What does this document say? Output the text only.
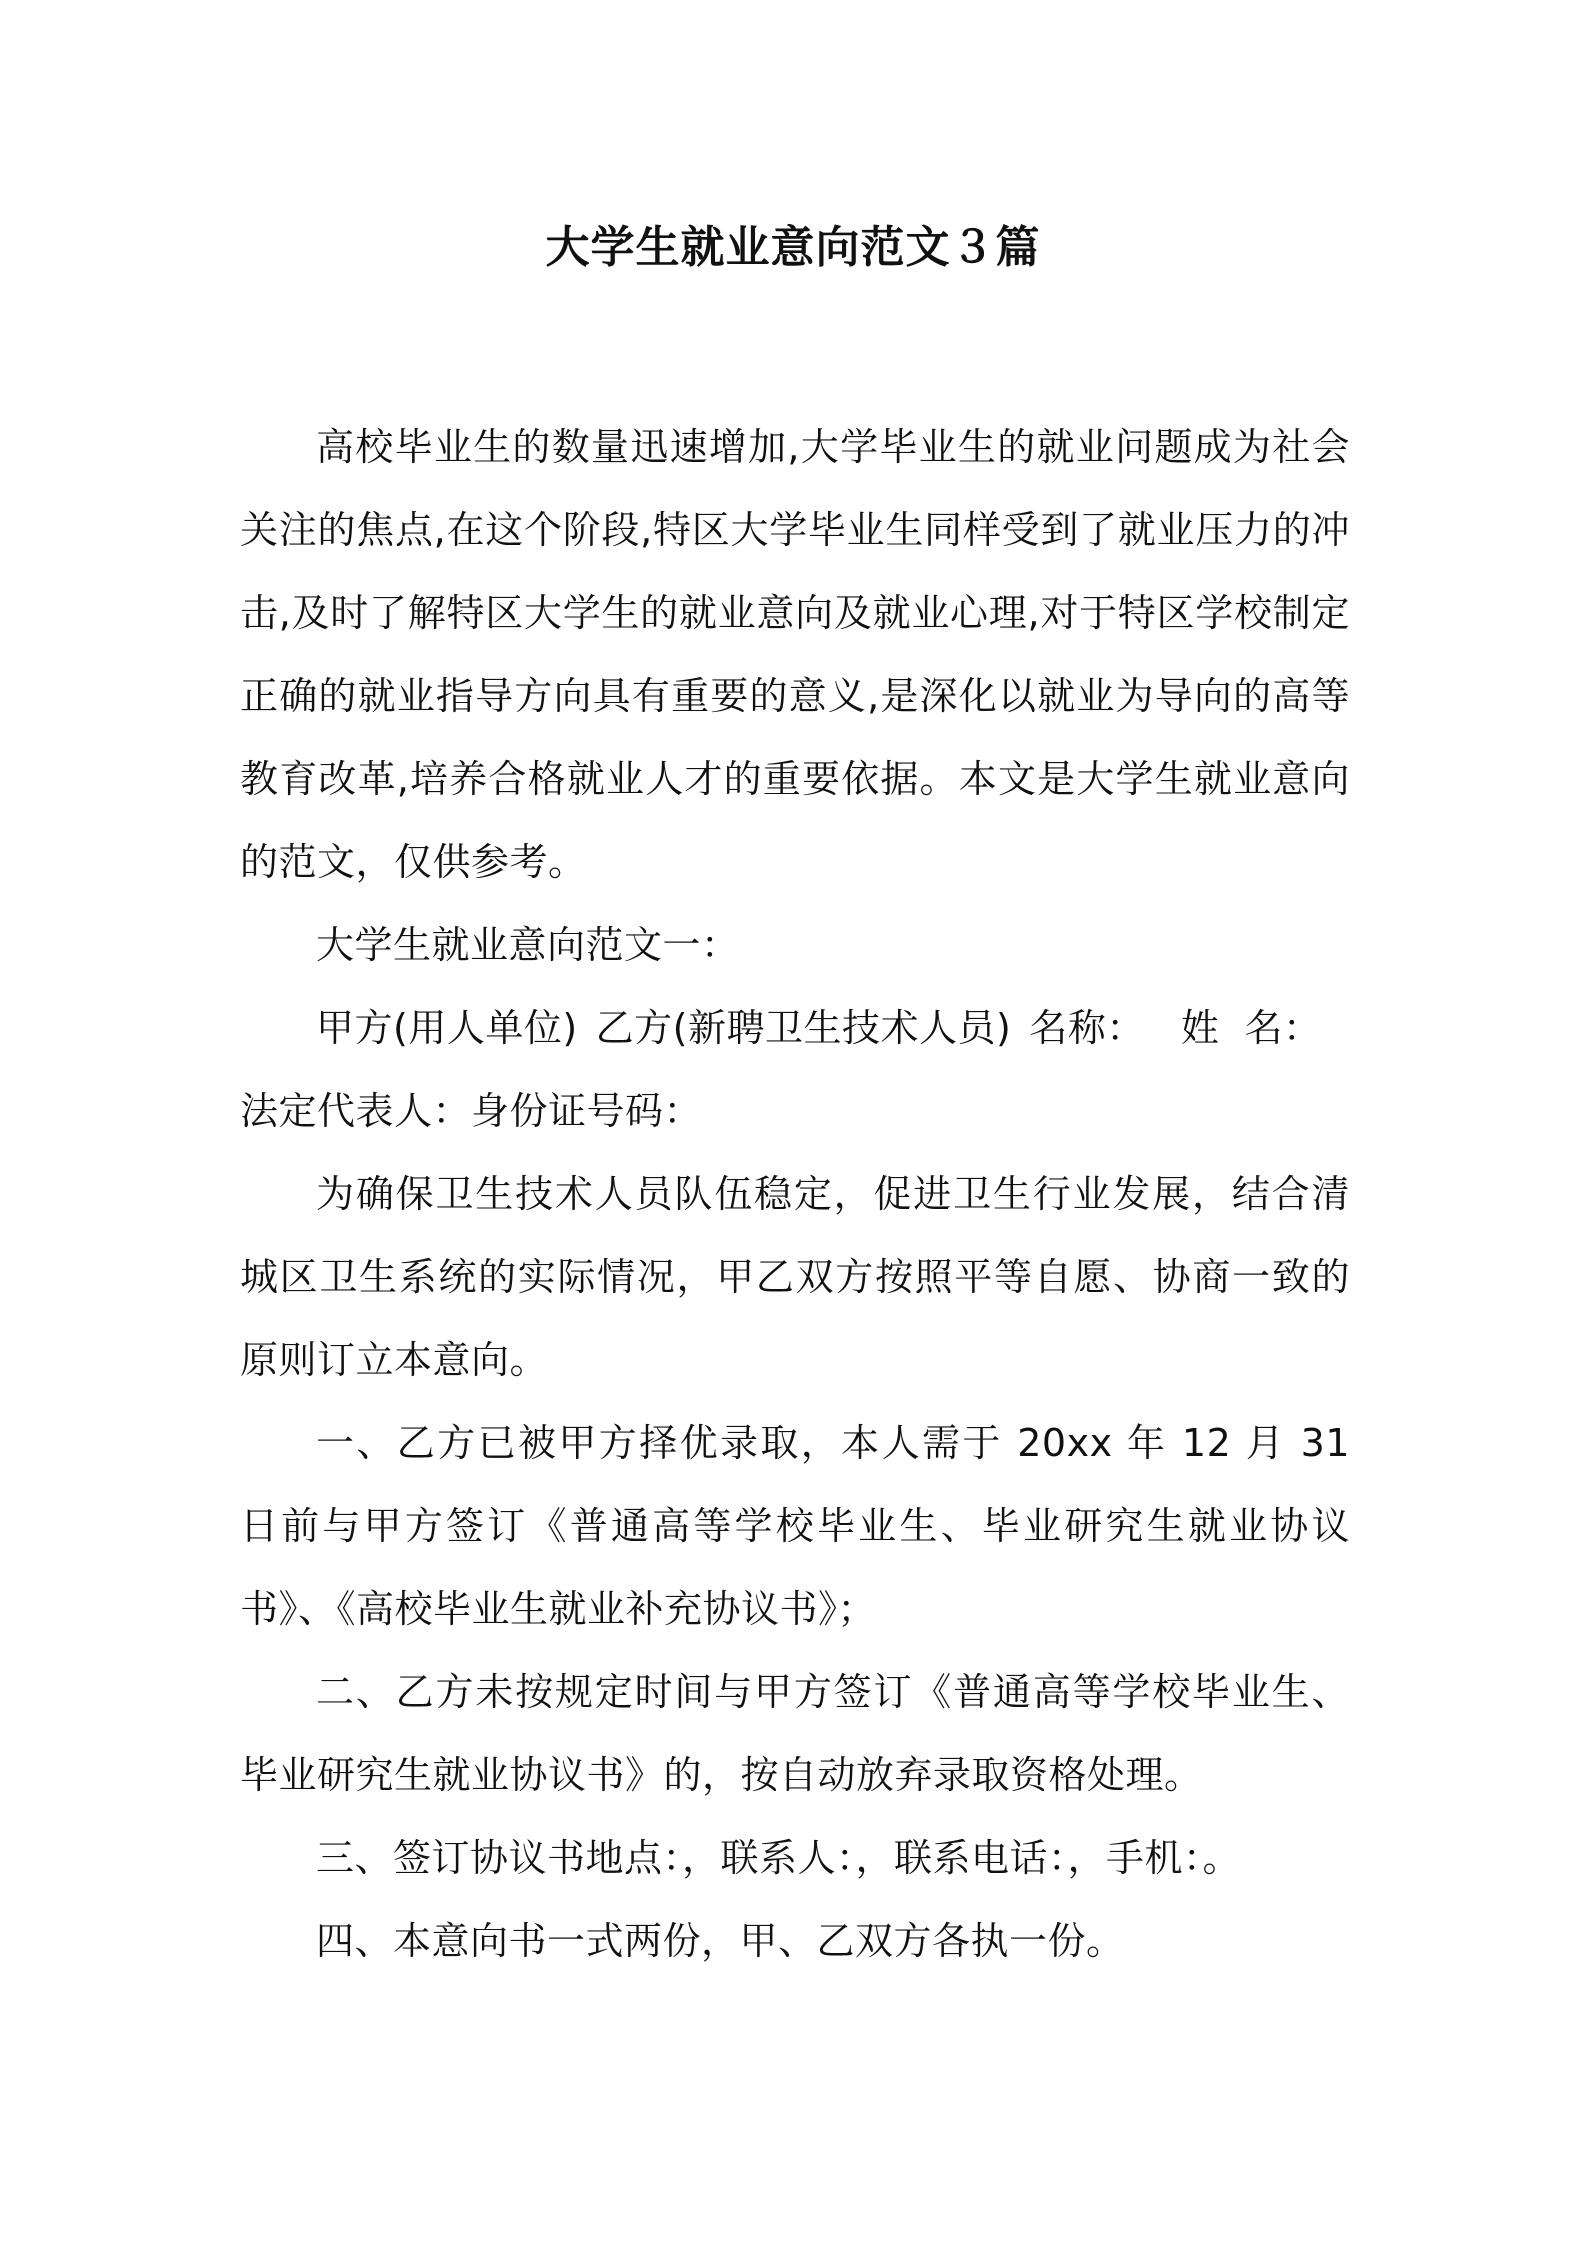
大学生就业意向范文３篇

高校毕业生的数量迅速增加,大学毕业生的就业问题成为社会关注的焦点,在这个阶段,特区大学毕业生同样受到了就业压力的冲击,及时了解特区大学生的就业意向及就业心理,对于特区学校制定正确的就业指导方向具有重要的意义,是深化以就业为导向的高等教育改革,培养合格就业人才的重要依据。本文是大学生就业意向的范文，仅供参考。

大学生就业意向范文一：

甲方(用人单位) 乙方(新聘卫生技术人员) 名称： 姓  名：

法定代表人：身份证号码：

为确保卫生技术人员队伍稳定，促进卫生行业发展，结合清城区卫生系统的实际情况，甲乙双方按照平等自愿、协商一致的原则订立本意向。

一、乙方已被甲方择优录取，本人需于 20xx 年 12 月 31 日前与甲方签订《普通高等学校毕业生、毕业研究生就业协议书》、《高校毕业生就业补充协议书》；

二、乙方未按规定时间与甲方签订《普通高等学校毕业生、毕业研究生就业协议书》的，按自动放弃录取资格处理。

三、签订协议书地点：，联系人：，联系电话：，手机：。

四、本意向书一式两份，甲、乙双方各执一份。
